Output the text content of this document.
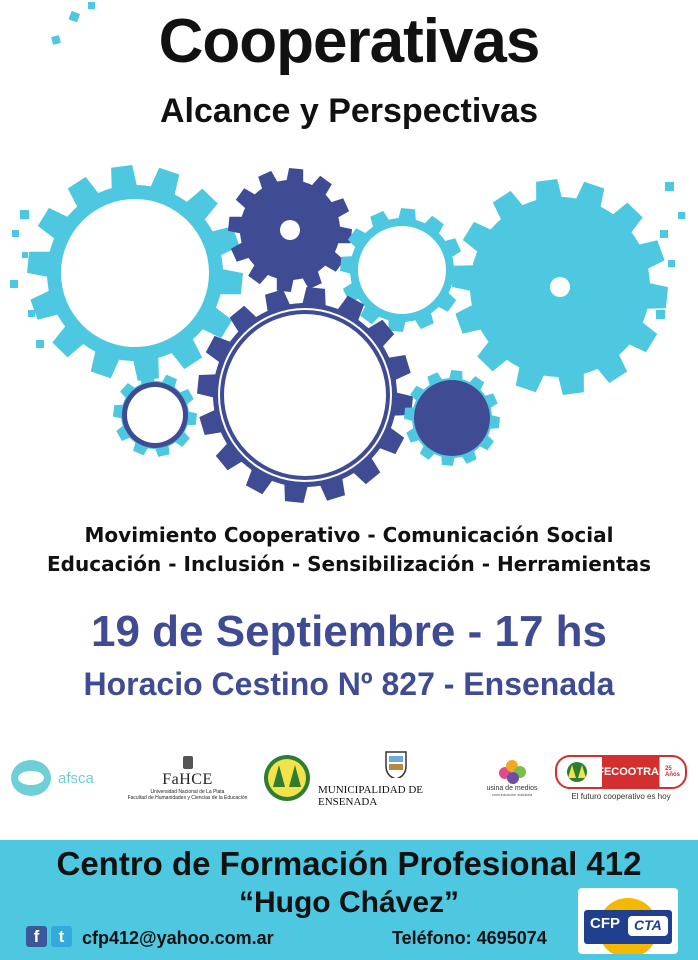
Cooperativas
Alcance y Perspectivas
Movimiento Cooperativo - Comunicación Social
Educación - Inclusión - Sensibilización - Herramientas
19 de Septiembre - 17 hs
Horacio Cestino Nº 827 - Ensenada
afsca	FaHCE
Universidad Nacional de La Plata
Facultad de Humanidades y Ciencias de la Educación
MUNICIPALIDAD DE ENSENADA
usina de medios
comunicación solidaria
FECOOTRA 25 Años
El futuro cooperativo es hoy
Centro de Formación Profesional 412
“Hugo Chávez”
f	t cfp412@yahoo.com.ar	Teléfono: 4695074
CFP CTA
